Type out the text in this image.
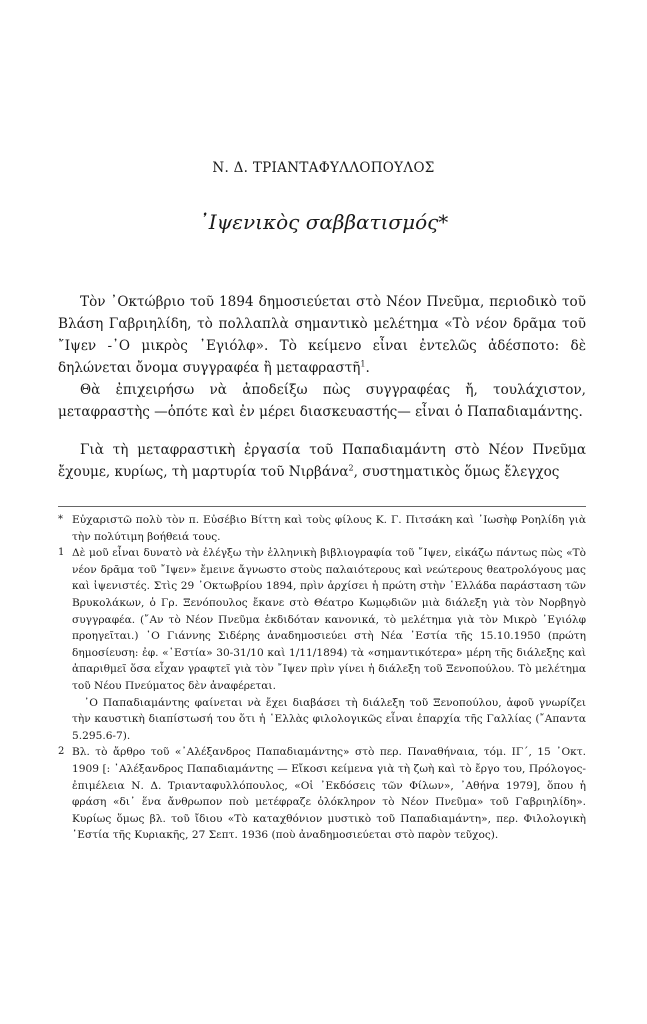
Ν. Δ. ΤΡΙΑΝΤΑΦΥΛΛΟΠΟΥΛΟΣ
᾽Ιψενικὸς σαββατισμός*

Τὸν ᾽Οκτώβριο τοῦ 1894 δημοσιεύεται στὸ Νέον Πνεῦμα, περιοδικὸ τοῦ Βλάση Γαβριηλίδη, τὸ πολλαπλὰ σημαντικὸ μελέτημα «Τὸ νέον δρᾶμα τοῦ ῎Ιψεν -᾽Ο μικρὸς ᾽Εγιόλφ». Τὸ κείμενο εἶναι ἐντελῶς ἀδέσποτο: δὲ δηλώνεται ὄνομα συγγραφέα ἢ μεταφραστῆ$^1$.

Θὰ ἐπιχειρήσω νὰ ἀποδείξω πὼς συγγραφέας ἤ, τουλάχιστον, μεταφραστὴς —ὁπότε καὶ ἐν μέρει διασκευαστής— εἶναι ὁ Παπαδιαμάντης.

Γιὰ τὴ μεταφραστικὴ ἐργασία τοῦ Παπαδιαμάντη στὸ Νέον Πνεῦμα ἔχουμε, κυρίως, τὴ μαρτυρία τοῦ Νιρβάνα$^2$, συστηματικὸς ὅμως ἔλεγχος

* Εὐχαριστῶ πολὺ τὸν π. Εὐσέβιο Βίττη καὶ τοὺς φίλους Κ. Γ. Πιτσάκη καὶ ᾽Ιωσὴφ Ροηλίδη γιὰ τὴν πολύτιμη βοήθειά τους.

1 Δὲ μοῦ εἶναι δυνατὸ νὰ ἐλέγξω τὴν ἑλληνικὴ βιβλιογραφία τοῦ ῎Ιψεν, εἰκάζω πάντως πὼς «Τὸ νέον δρᾶμα τοῦ ῎Ιψεν» ἔμεινε ἄγνωστο στοὺς παλαιότερους καὶ νεώτερους θεατρολόγους μας καὶ ἰψενιστές. Στὶς 29 ᾽Οκτωβρίου 1894, πρὶν ἀρχίσει ἡ πρώτη στὴν ῾Ελλάδα παράσταση τῶν Βρυκολάκων, ὁ Γρ. Ξενόπουλος ἔκανε στὸ Θέατρο Κωμῳδιῶν μιὰ διάλεξη γιὰ τὸν Νορβηγὸ συγγραφέα. (῎Αν τὸ Νέον Πνεῦμα ἐκδιδόταν κανονικά, τὸ μελέτημα γιὰ τὸν Μικρὸ ᾽Εγιόλφ προηγεῖται.) ᾽Ο Γιάννης Σιδέρης ἀναδημοσιεύει στὴ Νέα ῾Εστία τῆς 15.10.1950 (πρώτη δημοσίευση: ἐφ. «῾Εστία» 30-31/10 καὶ 1/11/1894) τὰ «σημαντικότερα» μέρη τῆς διάλεξης καὶ ἀπαριθμεῖ ὅσα εἶχαν γραφτεῖ γιὰ τὸν ῎Ιψεν πρὶν γίνει ἡ διάλεξη τοῦ Ξενοπούλου. Τὸ μελέτημα τοῦ Νέου Πνεύματος δὲν ἀναφέρεται.

᾽Ο Παπαδιαμάντης φαίνεται νὰ ἔχει διαβάσει τὴ διάλεξη τοῦ Ξενοπούλου, ἀφοῦ γνωρίζει τὴν καυστικὴ διαπίστωσή του ὅτι ἡ ῾Ελλὰς φιλολογικῶς εἶναι ἐπαρχία τῆς Γαλλίας (῎Απαντα 5.295.6-7).

2 Βλ. τὸ ἄρθρο τοῦ «᾽Αλέξανδρος Παπαδιαμάντης» στὸ περ. Παναθήναια, τόμ. ΙΓ΄, 15 ᾽Οκτ. 1909 [: ᾽Αλέξανδρος Παπαδιαμάντης — Εἴκοσι κείμενα γιὰ τὴ ζωὴ καὶ τὸ ἔργο του, Πρόλογος-ἐπιμέλεια Ν. Δ. Τριανταφυλλόπουλος, «Οἱ ᾽Εκδόσεις τῶν Φίλων», ᾽Αθήνα 1979], ὅπου ἡ φράση «δι᾽ ἕνα ἄνθρωπον ποὺ μετέφραζε ὁλόκληρον τὸ Νέον Πνεῦμα» τοῦ Γαβριηλίδη». Κυρίως ὅμως βλ. τοῦ ἴδιου «Τὸ καταχθόνιον μυστικὸ τοῦ Παπαδιαμάντη», περ. Φιλολογικὴ ῾Εστία τῆς Κυριακῆς, 27 Σεπτ. 1936 (ποὺ ἀναδημοσιεύεται στὸ παρὸν τεῦχος).
